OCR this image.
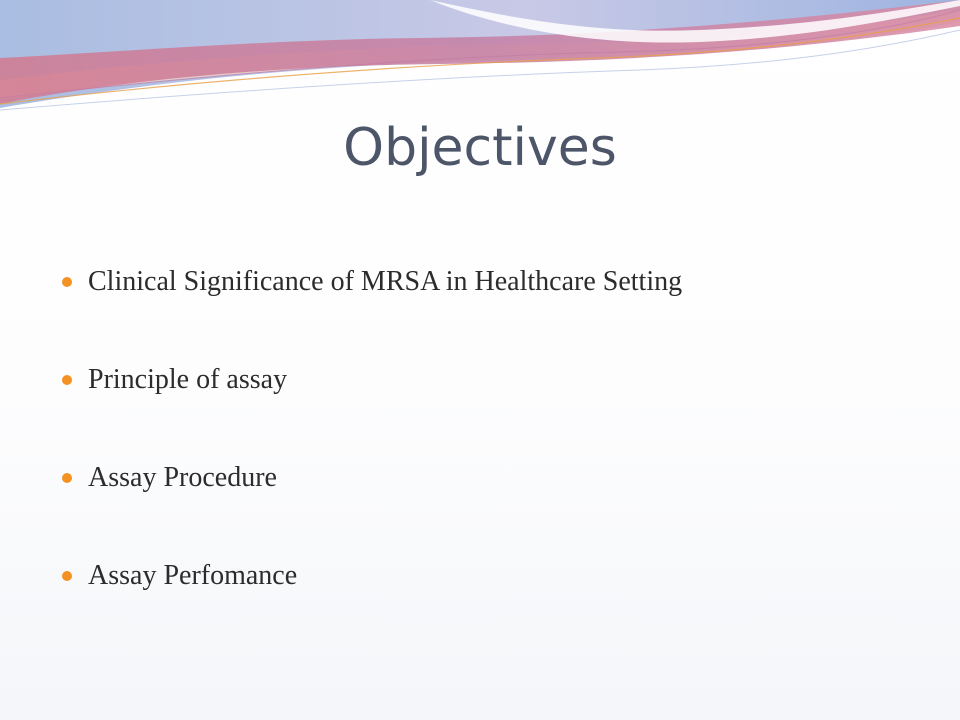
Objectives
Clinical Significance of MRSA in Healthcare Setting
Principle of assay
Assay Procedure
Assay Perfomance
